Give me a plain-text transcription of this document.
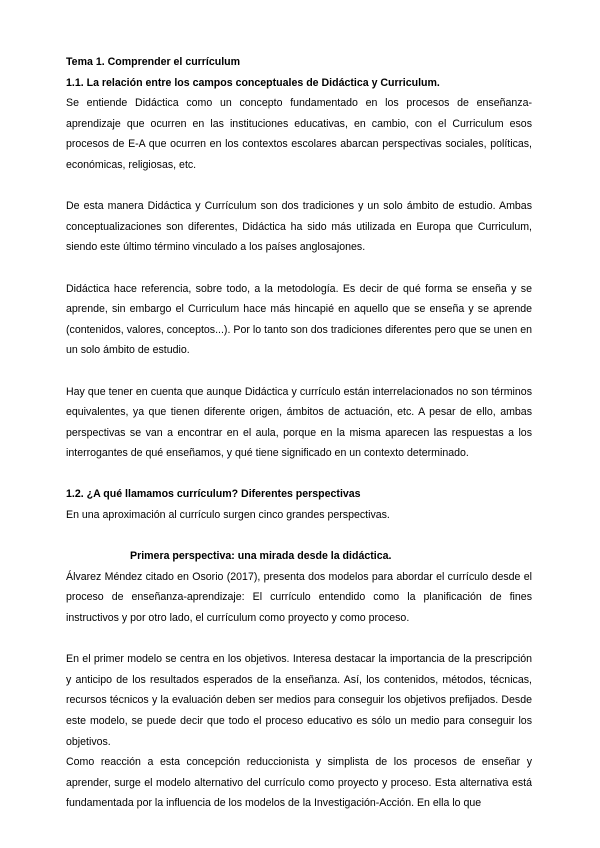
Tema 1. Comprender el currículum

1.1. La relación entre los campos conceptuales de Didáctica y Curriculum.

Se entiende Didáctica como un concepto fundamentado en los procesos de enseñanza-aprendizaje que ocurren en las instituciones educativas, en cambio, con el Curriculum esos procesos de E-A que ocurren en los contextos escolares abarcan perspectivas sociales, políticas, económicas, religiosas, etc.

De esta manera Didáctica y Currículum son dos tradiciones y un solo ámbito de estudio. Ambas conceptualizaciones son diferentes, Didáctica ha sido más utilizada en Europa que Curriculum, siendo este último término vinculado a los países anglosajones.

Didáctica hace referencia, sobre todo, a la metodología. Es decir de qué forma se enseña y se aprende, sin embargo el Curriculum hace más hincapié en aquello que se enseña y se aprende (contenidos, valores, conceptos...). Por lo tanto son dos tradiciones diferentes pero que se unen en un solo ámbito de estudio.

Hay que tener en cuenta que aunque Didáctica y currículo están interrelacionados no son términos equivalentes, ya que tienen diferente origen, ámbitos de actuación, etc. A pesar de ello, ambas perspectivas se van a encontrar en el aula, porque en la misma aparecen las respuestas a los interrogantes de qué enseñamos, y qué tiene significado en un contexto determinado.

1.2. ¿A qué llamamos currículum? Diferentes perspectivas

En una aproximación al currículo surgen cinco grandes perspectivas.

Primera perspectiva: una mirada desde la didáctica.

Álvarez Méndez citado en Osorio (2017), presenta dos modelos para abordar el currículo desde el proceso de enseñanza-aprendizaje: El currículo entendido como la planificación de fines instructivos y por otro lado, el currículum como proyecto y como proceso.

En el primer modelo se centra en los objetivos. Interesa destacar la importancia de la prescripción y anticipo de los resultados esperados de la enseñanza. Así, los contenidos, métodos, técnicas, recursos técnicos y la evaluación deben ser medios para conseguir los objetivos prefijados. Desde este modelo, se puede decir que todo el proceso educativo es sólo un medio para conseguir los objetivos.

Como reacción a esta concepción reduccionista y simplista de los procesos de enseñar y aprender, surge el modelo alternativo del currículo como proyecto y proceso. Esta alternativa está fundamentada por la influencia de los modelos de la Investigación-Acción. En ella lo que
